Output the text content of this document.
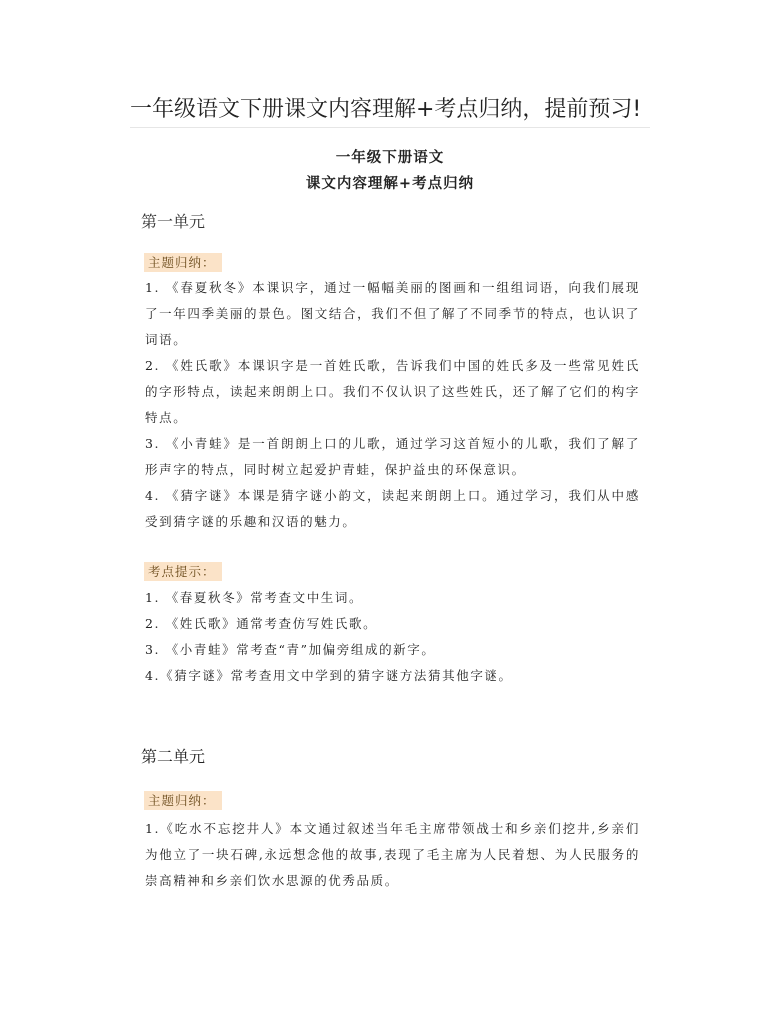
一年级语文下册课文内容理解+考点归纳，提前预习!
一年级下册语文
课文内容理解+考点归纳
第一单元
主题归纳：

1. 《春夏秋冬》本课识字，通过一幅幅美丽的图画和一组组词语，向我们展现了一年四季美丽的景色。图文结合，我们不但了解了不同季节的特点，也认识了词语。

2. 《姓氏歌》本课识字是一首姓氏歌，告诉我们中国的姓氏多及一些常见姓氏的字形特点，读起来朗朗上口。我们不仅认识了这些姓氏，还了解了它们的构字特点。

3. 《小青蛙》是一首朗朗上口的儿歌，通过学习这首短小的儿歌，我们了解了形声字的特点，同时树立起爱护青蛙，保护益虫的环保意识。

4. 《猜字谜》本课是猜字谜小韵文，读起来朗朗上口。通过学习，我们从中感受到猜字谜的乐趣和汉语的魅力。

考点提示：

1. 《春夏秋冬》常考查文中生词。

2. 《姓氏歌》通常考查仿写姓氏歌。

3. 《小青蛙》常考查“青”加偏旁组成的新字。

4.《猜字谜》常考查用文中学到的猜字谜方法猜其他字谜。

第二单元
主题归纳：

1.《吃水不忘挖井人》本文通过叙述当年毛主席带领战士和乡亲们挖井,乡亲们为他立了一块石碑,永远想念他的故事,表现了毛主席为人民着想、为人民服务的崇高精神和乡亲们饮水思源的优秀品质。
